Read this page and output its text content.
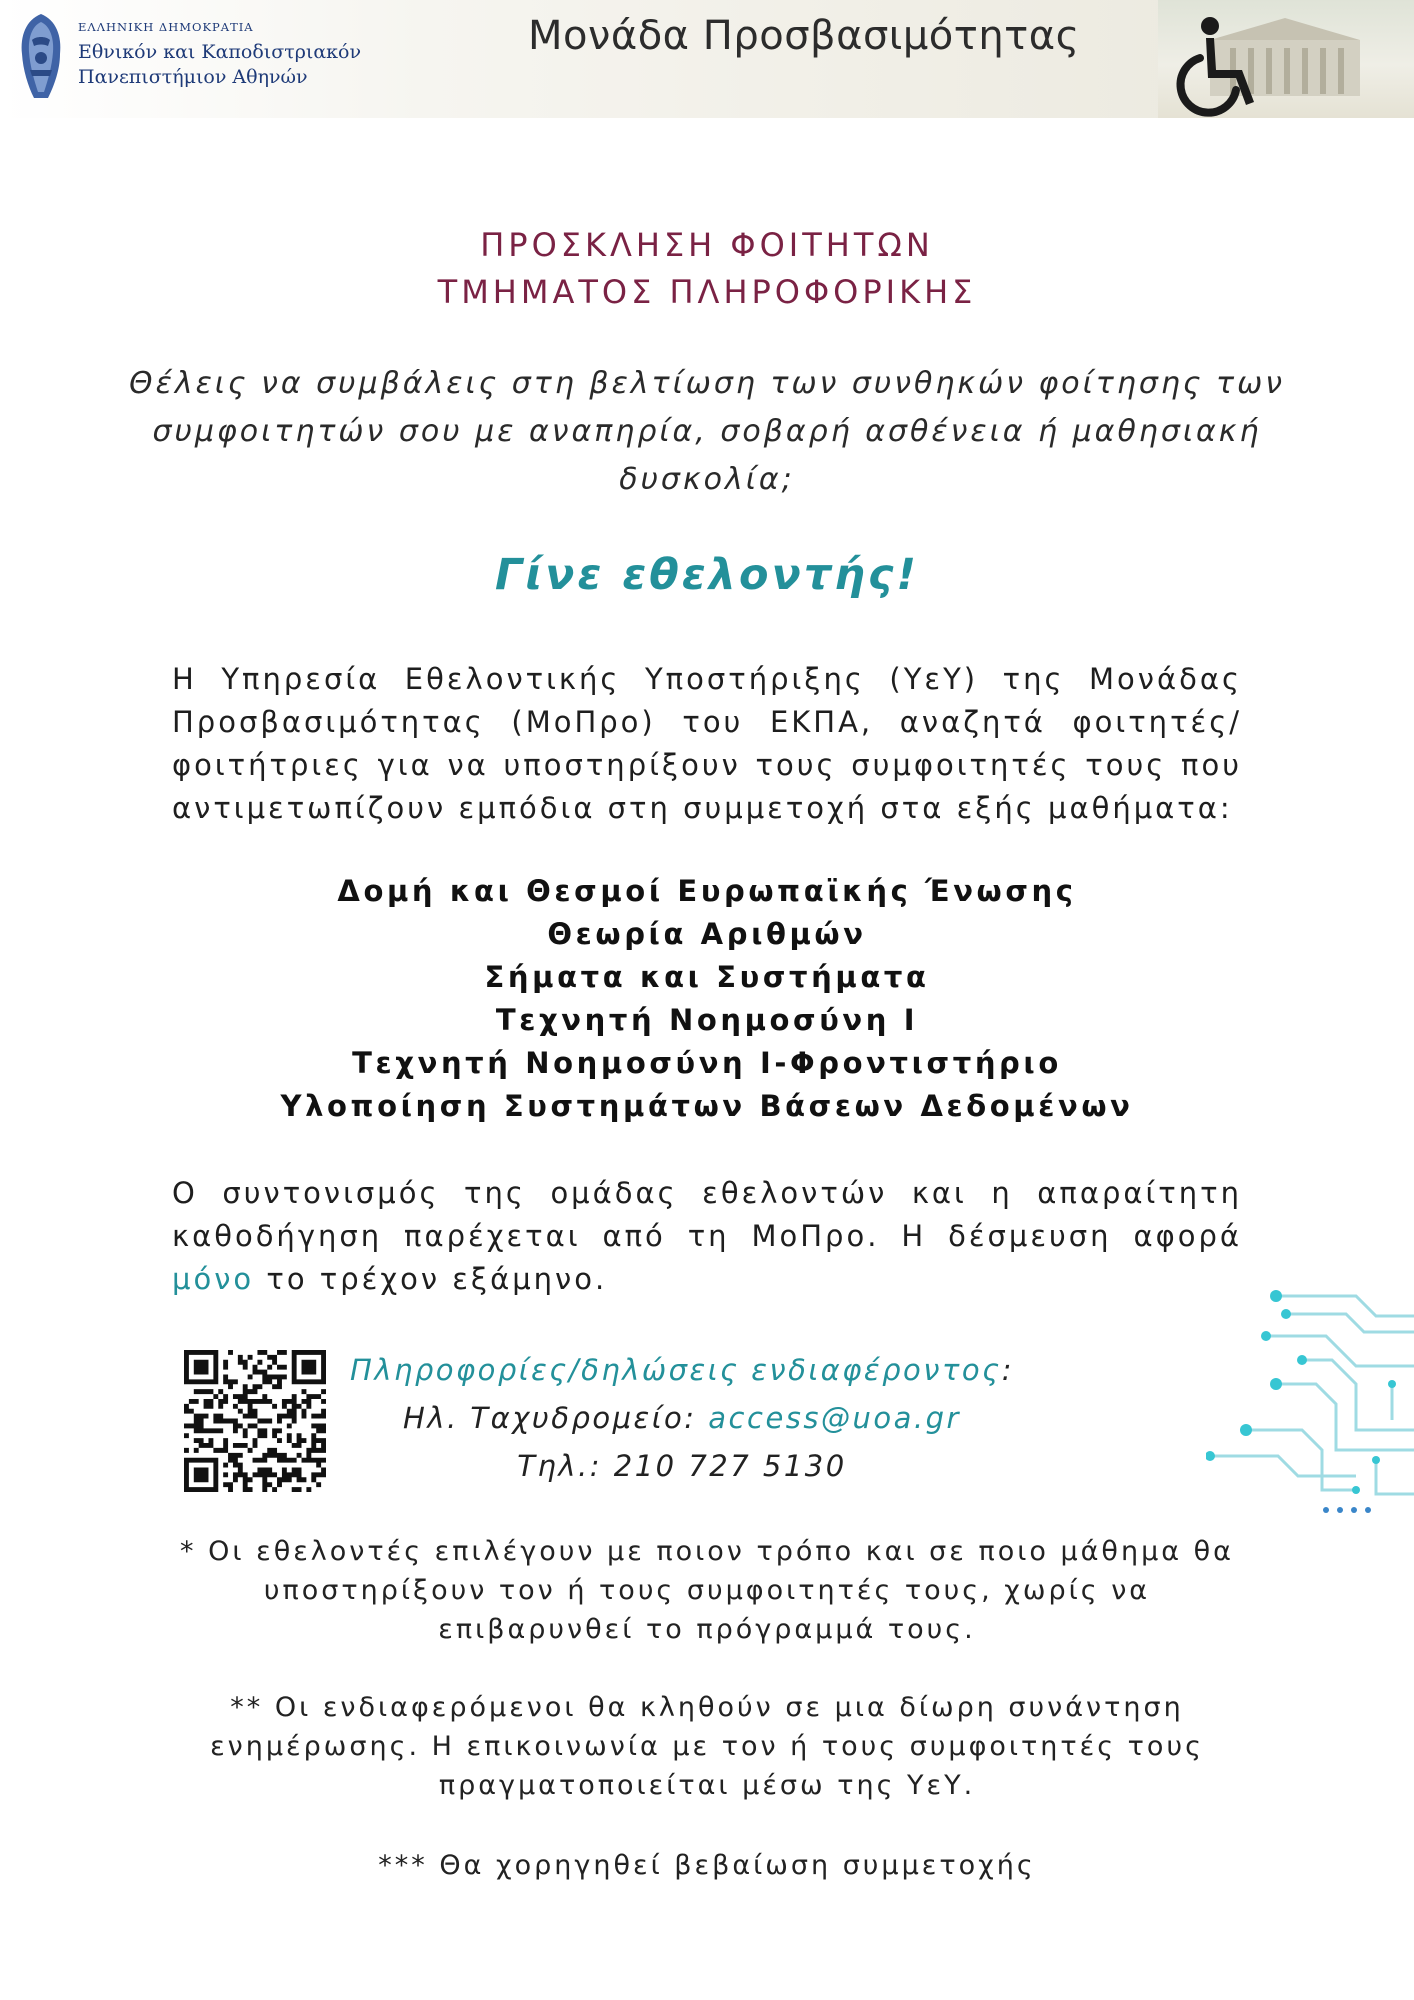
ΕΛΛΗΝΙΚΗ ΔΗΜΟΚΡΑΤΙΑ
Εθνικόν και Καποδιστριακόν
Πανεπιστήμιον Αθηνών
Μονάδα Προσβασιμότητας
ΠΡΟΣΚΛΗΣΗ ΦΟΙΤΗΤΩΝ
ΤΜΗΜΑΤΟΣ ΠΛΗΡΟΦΟΡΙΚΗΣ
Θέλεις να συμβάλεις στη βελτίωση των συνθηκών φοίτησης των
συμφοιτητών σου με αναπηρία, σοβαρή ασθένεια ή μαθησιακή
δυσκολία;
Γίνε εθελοντής!
Η Υπηρεσία Εθελοντικής Υποστήριξης (ΥεΥ) της Μονάδας Προσβασιμότητας (ΜοΠρο) του ΕΚΠΑ, αναζητά φοιτητές/ φοιτήτριες για να υποστηρίξουν τους συμφοιτητές τους που αντιμετωπίζουν εμπόδια στη συμμετοχή στα εξής μαθήματα:
Δομή και Θεσμοί Ευρωπαϊκής Ένωσης
Θεωρία Αριθμών
Σήματα και Συστήματα
Τεχνητή Νοημοσύνη Ι
Τεχνητή Νοημοσύνη Ι-Φροντιστήριο
Υλοποίηση Συστημάτων Βάσεων Δεδομένων
Ο συντονισμός της ομάδας εθελοντών και η απαραίτητη καθοδήγηση παρέχεται από τη ΜοΠρο. Η δέσμευση αφορά μόνο το τρέχον εξάμηνο.
Πληροφορίες/δηλώσεις ενδιαφέροντος:
Ηλ. Ταχυδρομείο: access@uoa.gr
Τηλ.: 210 727 5130
* Οι εθελοντές επιλέγουν με ποιον τρόπο και σε ποιο μάθημα θα υποστηρίξουν τον ή τους συμφοιτητές τους, χωρίς να επιβαρυνθεί το πρόγραμμά τους.
** Οι ενδιαφερόμενοι θα κληθούν σε μια δίωρη συνάντηση ενημέρωσης. Η επικοινωνία με τον ή τους συμφοιτητές τους πραγματοποιείται μέσω της ΥεΥ.
*** Θα χορηγηθεί βεβαίωση συμμετοχής
